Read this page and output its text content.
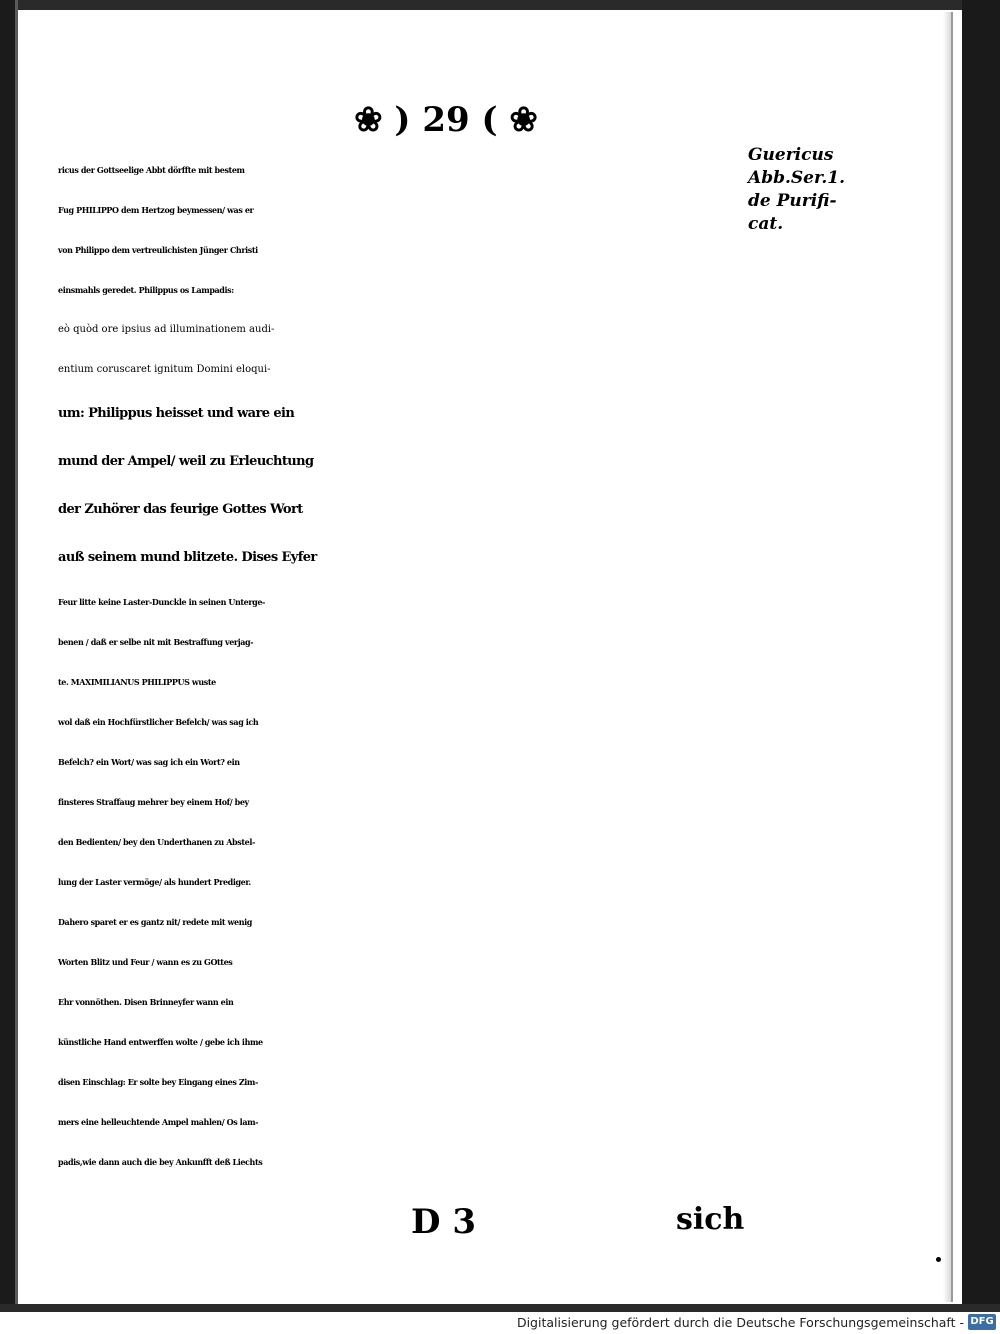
❀ ) 29 ( ❀
Guericus
Abb.Ser.1.
de Purifi-
cat.
ricus der Gottseelige Abbt dörffte mit bestem
Fug PHILIPPO dem Hertzog beymessen/ was er
von Philippo dem vertreulichisten Jünger Christi
einsmahls geredet. Philippus os Lampadis:
eò quòd ore ipsius ad illuminationem audi-
entium coruscaret ignitum Domini eloqui-
um: Philippus heisset und ware ein
mund der Ampel/ weil zu Erleuchtung
der Zuhörer das feurige Gottes Wort
auß seinem mund blitzete. Dises Eyfer
Feur litte keine Laster-Dunckle in seinen Unterge-
benen / daß er selbe nit mit Bestraffung verjag-
te. MAXIMILIANUS PHILIPPUS wuste
wol daß ein Hochfürstlicher Befelch/ was sag ich
Befelch? ein Wort/ was sag ich ein Wort? ein
finsteres Straffaug mehrer bey einem Hof/ bey
den Bedienten/ bey den Underthanen zu Abstel-
lung der Laster vermöge/ als hundert Prediger.
Dahero sparet er es gantz nit/ redete mit wenig
Worten Blitz und Feur / wann es zu GOttes
Ehr vonnöthen. Disen Brinneyfer wann ein
künstliche Hand entwerffen wolte / gebe ich ihme
disen Einschlag: Er solte bey Eingang eines Zim-
mers eine helleuchtende Ampel mahlen/ Os lam-
padis,wie dann auch die bey Ankunfft deß Liechts
D 3	sich
Digitalisierung gefördert durch die Deutsche Forschungsgemeinschaft - DFG
